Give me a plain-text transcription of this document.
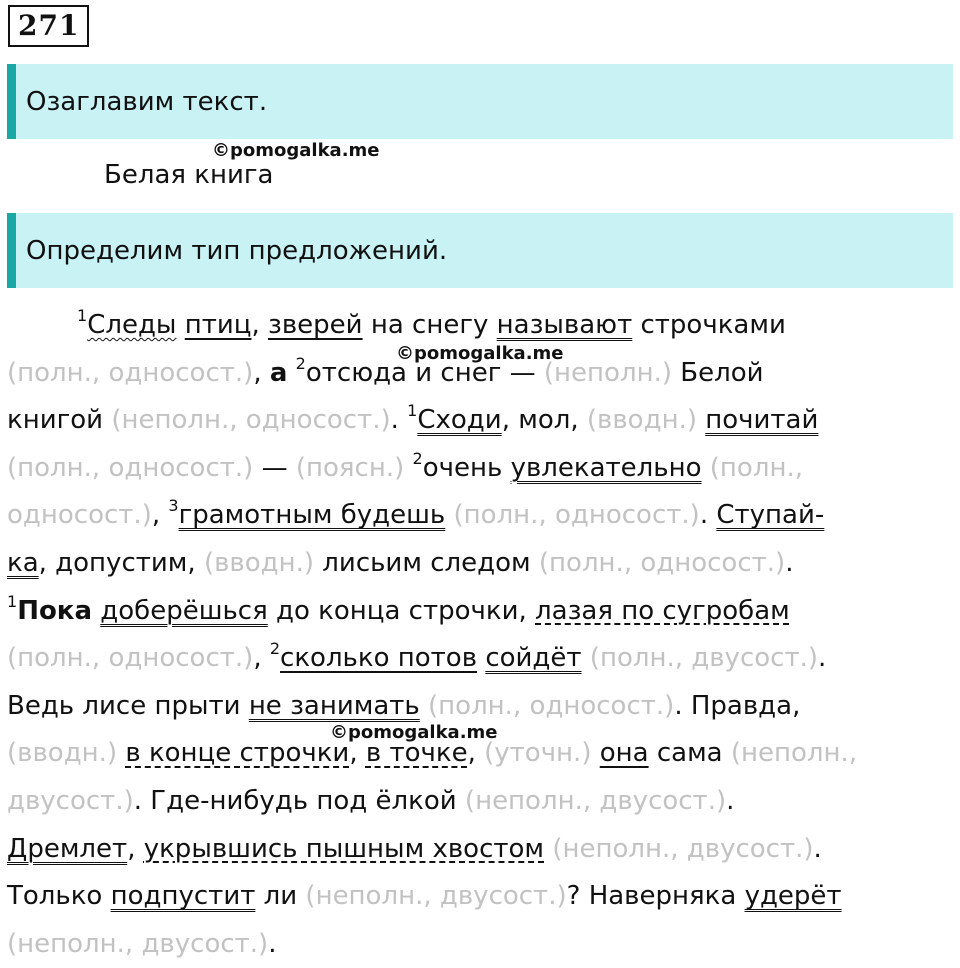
271
Озаглавим текст.
©pomogalka.me
Белая книга
Определим тип предложений.
©pomogalka.me
©pomogalka.me
$^1$Следы птиц, зверей на снегу называют строчками
(полн., односост.), а $^2$отсюда и снег — (неполн.) Белой
книгой (неполн., односост.). $^1$Сходи, мол, (вводн.) почитай
(полн., односост.) — (поясн.) $^2$очень увлекательно (полн.,
односост.), $^3$грамотным будешь (полн., односост.). Ступай-
ка, допустим, (вводн.) лисьим следом (полн., односост.).
$^1$Пока доберёшься до конца строчки, лазая по сугробам
(полн., односост.), $^2$сколько потов сойдёт (полн., двусост.).
Ведь лисе прыти не занимать (полн., односост.). Правда,
(вводн.) в конце строчки, в точке, (уточн.) она сама (неполн.,
двусост.). Где-нибудь под ёлкой (неполн., двусост.).
Дремлет, укрывшись пышным хвостом (неполн., двусост.).
Только подпустит ли (неполн., двусост.)? Наверняка удерёт
(неполн., двусост.).
